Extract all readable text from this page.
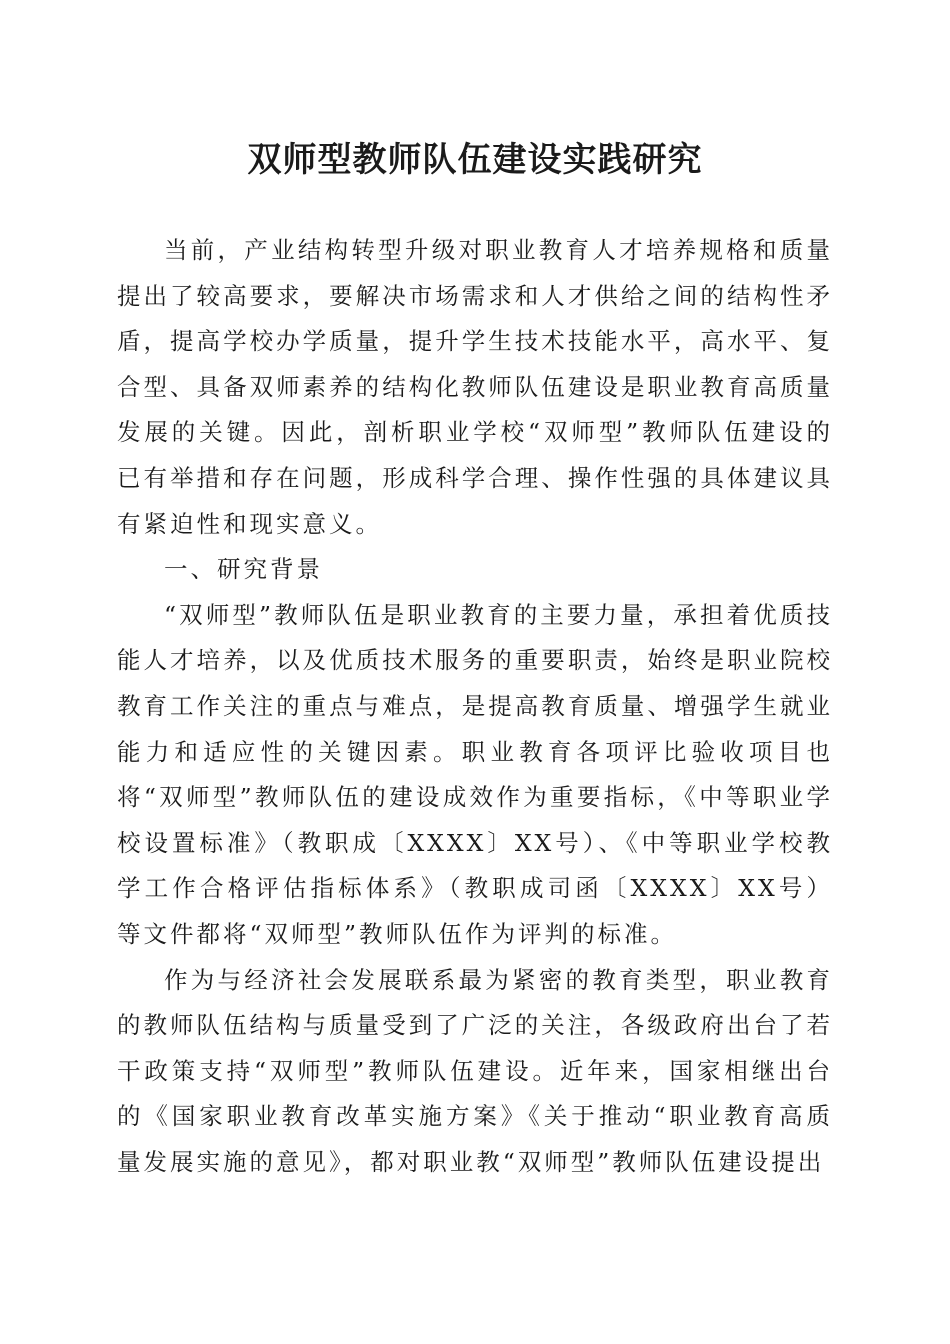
双师型教师队伍建设实践研究

当前，产业结构转型升级对职业教育人才培养规格和质量提出了较高要求，要解决市场需求和人才供给之间的结构性矛盾，提高学校办学质量，提升学生技术技能水平，高水平、复合型、具备双师素养的结构化教师队伍建设是职业教育高质量发展的关键。因此，剖析职业学校“双师型”教师队伍建设的已有举措和存在问题，形成科学合理、操作性强的具体建议具有紧迫性和现实意义。

一、研究背景

“双师型”教师队伍是职业教育的主要力量，承担着优质技能人才培养，以及优质技术服务的重要职责，始终是职业院校教育工作关注的重点与难点，是提高教育质量、增强学生就业能力和适应性的关键因素。职业教育各项评比验收项目也将“双师型”教师队伍的建设成效作为重要指标，《中等职业学校设置标准》（教职成〔XXXX〕XX号）、《中等职业学校教学工作合格评估指标体系》（教职成司函〔XXXX〕XX号）等文件都将“双师型”教师队伍作为评判的标准。

作为与经济社会发展联系最为紧密的教育类型，职业教育的教师队伍结构与质量受到了广泛的关注，各级政府出台了若干政策支持“双师型”教师队伍建设。近年来，国家相继出台的《国家职业教育改革实施方案》《关于推动“职业教育高质量发展实施的意见》，都对职业教“双师型”教师队伍建设提出
